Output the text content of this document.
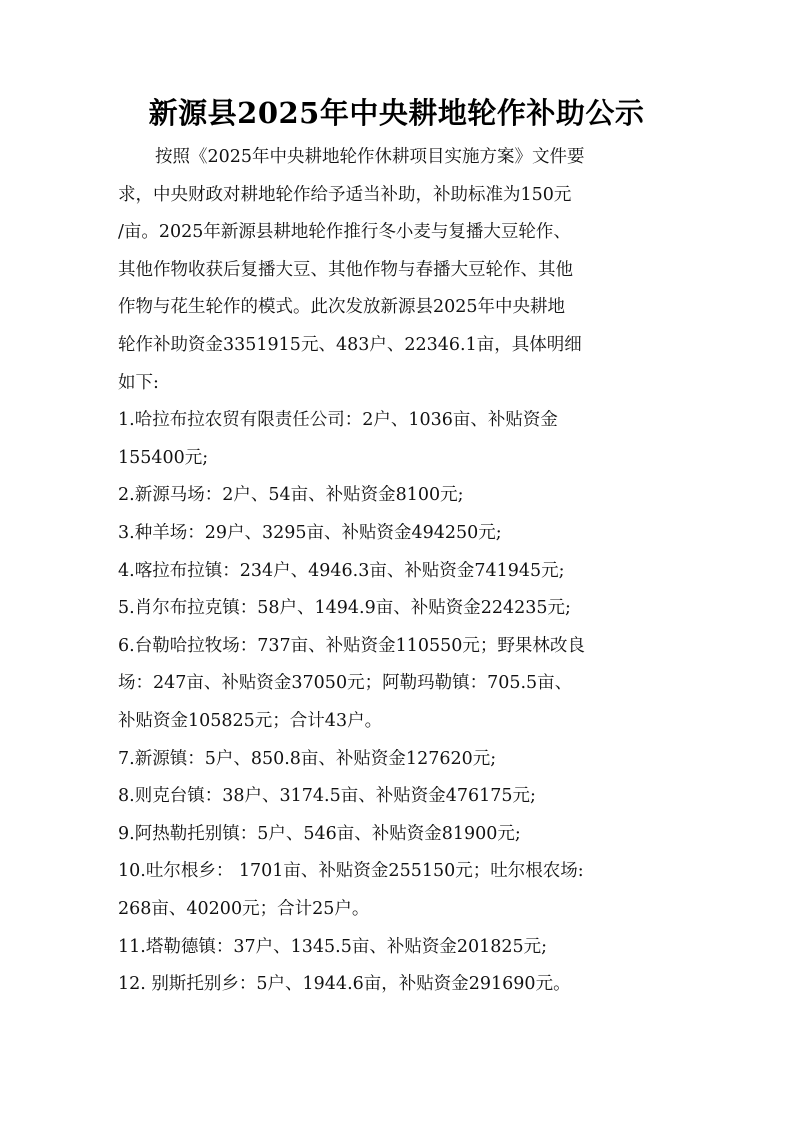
新源县2025年中央耕地轮作补助公示
按照《2025年中央耕地轮作休耕项目实施方案》文件要
求，中央财政对耕地轮作给予适当补助，补助标准为150元
/亩。2025年新源县耕地轮作推行冬小麦与复播大豆轮作、
其他作物收获后复播大豆、其他作物与春播大豆轮作、其他
作物与花生轮作的模式。此次发放新源县2025年中央耕地
轮作补助资金3351915元、483户、22346.1亩，具体明细
如下:
1.哈拉布拉农贸有限责任公司：2户、1036亩、补贴资金
155400元;
2.新源马场：2户、54亩、补贴资金8100元;
3.种羊场：29户、3295亩、补贴资金494250元;
4.喀拉布拉镇：234户、4946.3亩、补贴资金741945元;
5.肖尔布拉克镇：58户、1494.9亩、补贴资金224235元;
6.台勒哈拉牧场：737亩、补贴资金110550元；野果林改良
场：247亩、补贴资金37050元；阿勒玛勒镇：705.5亩、
补贴资金105825元；合计43户。
7.新源镇：5户、850.8亩、补贴资金127620元;
8.则克台镇：38户、3174.5亩、补贴资金476175元;
9.阿热勒托别镇：5户、546亩、补贴资金81900元;
10.吐尔根乡： 1701亩、补贴资金255150元；吐尔根农场:
268亩、40200元；合计25户。
11.塔勒德镇：37户、1345.5亩、补贴资金201825元;
12. 别斯托别乡：5户、1944.6亩，补贴资金291690元。
